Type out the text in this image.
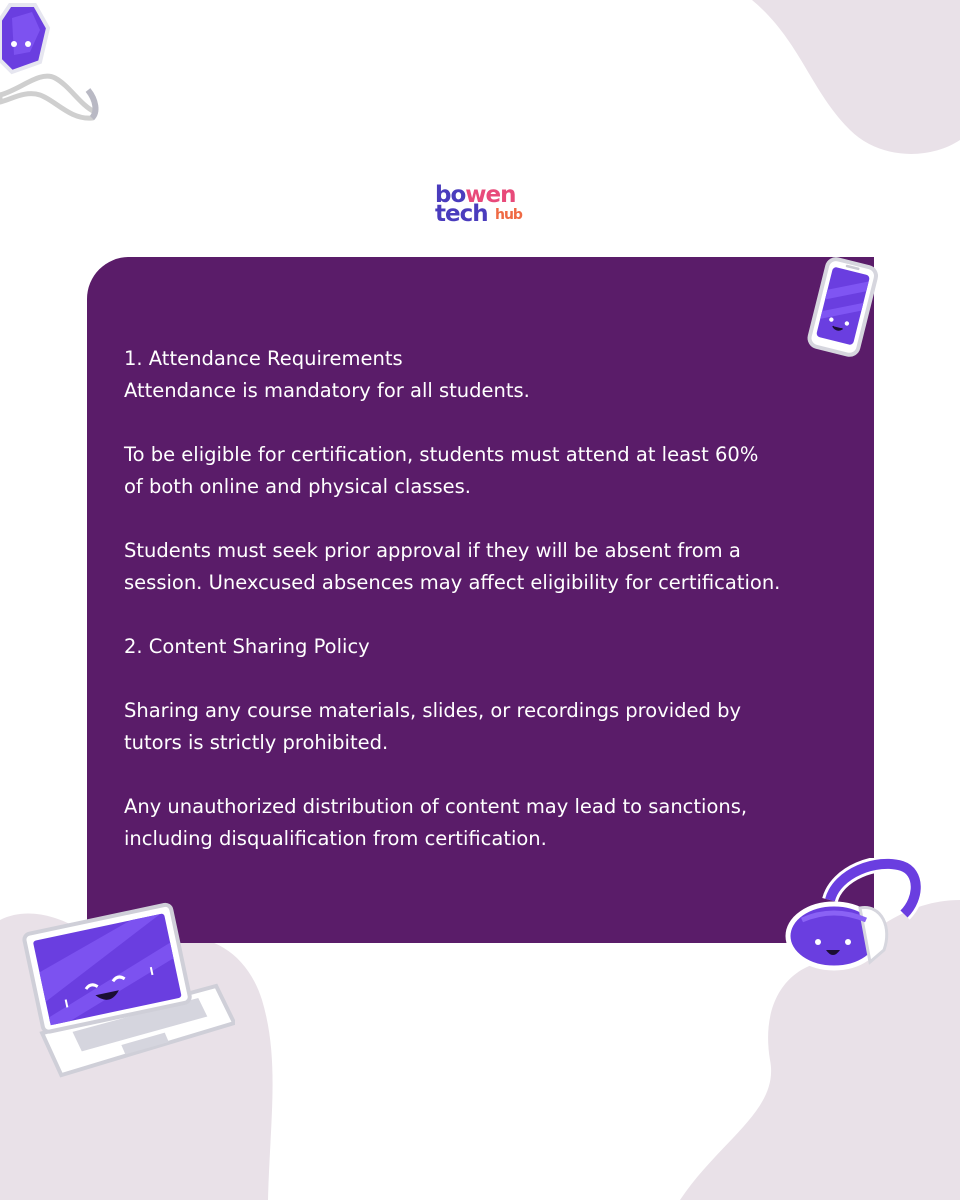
bowen
tech hub

1. Attendance Requirements

Attendance is mandatory for all students.

To be eligible for certification, students must attend at least 60%
of both online and physical classes.

Students must seek prior approval if they will be absent from a
session. Unexcused absences may affect eligibility for certification.

2. Content Sharing Policy

Sharing any course materials, slides, or recordings provided by
tutors is strictly prohibited.

Any unauthorized distribution of content may lead to sanctions,
including disqualification from certification.
